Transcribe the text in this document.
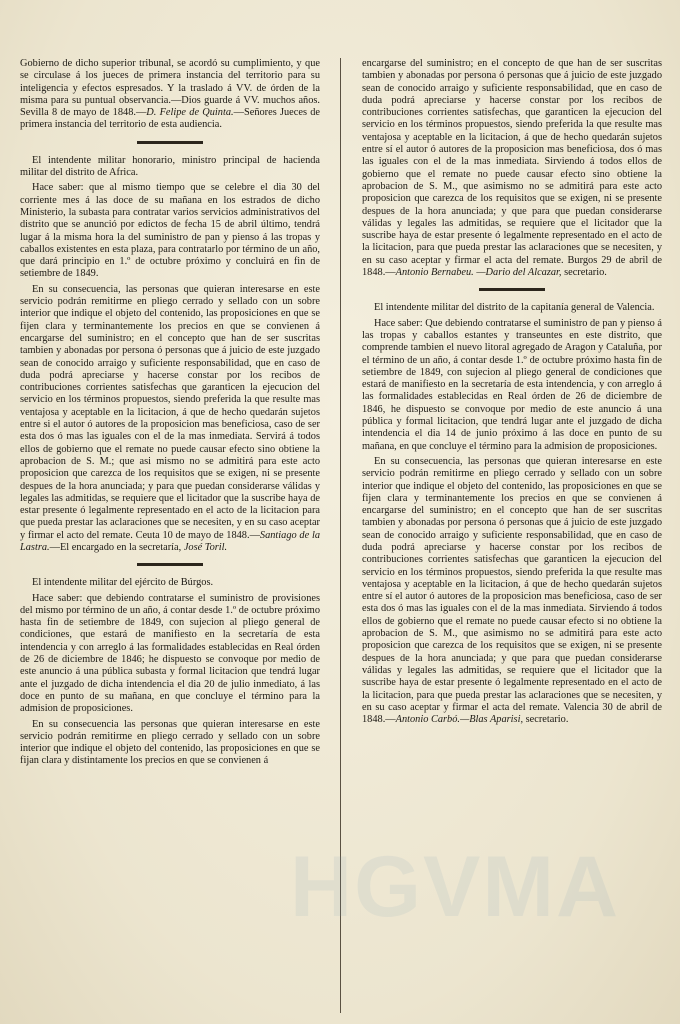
Gobierno de dicho superior tribunal, se acordó su cumplimiento, y que se circulase á los jueces de primera instancia del territorio para su inteligencia y efectos espresados. Y la traslado á VV. de órden de la misma para su puntual observancia.—Dios guarde á VV. muchos años. Sevilla 8 de mayo de 1848.—D. Felipe de Quinta.—Señores Jueces de primera instancia del territorio de esta audiencia.

El intendente militar honorario, ministro principal de hacienda militar del distrito de Africa.

Hace saber: que al mismo tiempo que se celebre el dia 30 del corriente mes á las doce de su mañana en los estrados de dicho Ministerio, la subasta para contratar varios servicios administrativos del distrito que se anunció por edictos de fecha 15 de abril último, tendrá lugar á la misma hora la del suministro de pan y pienso á las tropas y caballos existentes en esta plaza, para contratarlo por término de un año, que dará principio en 1.º de octubre próximo y concluirá en fin de setiembre de 1849.

En su consecuencia, las personas que quieran interesarse en este servicio podrán remitirme en pliego cerrado y sellado con un sobre interior que indique el objeto del contenido, las proposiciones en que se fijen clara y terminantemente los precios en que se convienen á encargarse del suministro; en el concepto que han de ser suscritas tambien y abonadas por persona ó personas que á juicio de este juzgado sean de conocido arraigo y suficiente responsabilidad, que en caso de duda podrá apreciarse y hacerse constar por los recibos de contribuciones corrientes satisfechas que garanticen la ejecucion del servicio en los términos propuestos, siendo preferida la que resulte mas ventajosa y aceptable en la licitacion, á que de hecho quedarán sujetos entre si el autor ó autores de la proposicion mas beneficiosa, caso de ser esta dos ó mas las iguales con el de la mas inmediata. Servirá á todos ellos de gobierno que el remate no puede causar efecto sino obtiene la aprobacion de S. M.; que asi mismo no se admitirá para este acto proposicion que carezca de los requisitos que se exigen, ni se presente despues de la hora anunciada; y para que puedan considerarse válidas y legales las admitidas, se requiere que el licitador que la suscribe haya de estar presente ó legalmente representado en el acto de la licitacion para que pueda prestar las aclaraciones que se necesiten, y en su caso aceptar y firmar el acto del remate. Ceuta 10 de mayo de 1848.—Santiago de la Lastra.—El encargado en la secretaría, José Toril.

El intendente militar del ejército de Búrgos.

Hace saber: que debiendo contratarse el suministro de provisiones del mismo por término de un año, á contar desde 1.º de octubre próximo hasta fin de setiembre de 1849, con sujecion al pliego general de condiciones, que estará de manifiesto en la secretaría de esta intendencia y con arreglo á las formalidades establecidas en Real órden de 26 de diciembre de 1846; he dispuesto se convoque por medio de este anuncio á una pública subasta y formal licitacion que tendrá lugar ante el juzgado de dicha intendencia el dia 20 de julio inmediato, á las doce en punto de su mañana, en que concluye el término para la admision de proposiciones.

En su consecuencia las personas que quieran interesarse en este servicio podrán remitirme en pliego cerrado y sellado con un sobre interior que indique el objeto del contenido, las proposiciones en que se fijan clara y distintamente los precios en que se convienen á

encargarse del suministro; en el concepto de que han de ser suscritas tambien y abonadas por persona ó personas que á juicio de este juzgado sean de conocido arraigo y suficiente responsabilidad, que en caso de duda podrá apreciarse y hacerse constar por los recibos de contribuciones corrientes satisfechas, que garanticen la ejecucion del servicio en los términos propuestos, siendo preferida la que resulte mas ventajosa y aceptable en la licitacion, á que de hecho quedarán sujetos entre sí el autor ó autores de la proposicion mas beneficiosa, dos ó mas las iguales con el de la mas inmediata. Sirviendo á todos ellos de gobierno que el remate no puede causar efecto sino obtiene la aprobacion de S. M., que asimismo no se admitirá para este acto proposicion que carezca de los requisitos que se exigen, ni se presente despues de la hora anunciada; y que para que puedan considerarse válidas y legales las admitidas, se requiere que el licitador que la suscribe haya de estar presente ó legalmente representado en el acto de la licitacion, para que pueda prestar las aclaraciones que se necesiten, y en su caso aceptar y firmar el acta del remate. Burgos 29 de abril de 1848.—Antonio Bernabeu. —Dario del Alcazar, secretario.

El intendente militar del distrito de la capitanía general de Valencia.

Hace saber: Que debiendo contratarse el suministro de pan y pienso á las tropas y caballos estantes y transeuntes en este distrito, que comprende tambien el nuevo litoral agregado de Aragon y Cataluña, por el término de un año, á contar desde 1.º de octubre próximo hasta fin de setiembre de 1849, con sujecion al pliego general de condiciones que estará de manifiesto en la secretaría de esta intendencia, y con arreglo á las formalidades establecidas en Real órden de 26 de diciembre de 1846, he dispuesto se convoque por medio de este anuncio á una pública y formal licitacion, que tendrá lugar ante el juzgado de dicha intendencia el dia 14 de junio próximo á las doce en punto de su mañana, en que concluye el término para la admision de proposiciones.

En su consecuencia, las personas que quieran interesarse en este servicio podrán remitirme en pliego cerrado y sellado con un sobre interior que indique el objeto del contenido, las proposiciones en que se fijen clara y terminantemente los precios en que se convienen á encargarse del suministro; en el concepto que han de ser suscritas tambien y abonadas por persona ó personas que á juicio de este juzgado sean de conocido arraigo y suficiente responsabilidad, que en caso de duda podrá apreciarse y hacerse constar por los recibos de contribuciones corrientes satisfechas que garanticen la ejecucion del servicio en los términos propuestos, siendo preferida la que resulte mas ventajosa y aceptable en la licitacion, á que de hecho quedarán sujetos entre sí el autor ó autores de la proposicion mas beneficiosa, caso de ser esta dos ó mas las iguales con el de la mas inmediata. Sirviendo á todos ellos de gobierno que el remate no puede causar efecto si no obtiene la aprobacion de S. M., que asimismo no se admitirá para este acto proposicion que carezca de los requisitos que se exigen, ni se presente despues de la hora anunciada; y que para que puedan considerarse válidas y legales las admitidas, se requiere que el licitador que la suscribe haya de estar presente ó legalmente representado en el acto de la licitacion, para que pueda prestar las aclaraciones que se necesiten, y en su caso aceptar y firmar el acta del remate. Valencia 30 de abril de 1848.—Antonio Carbó.—Blas Aparisi, secretario.

HGVMA
